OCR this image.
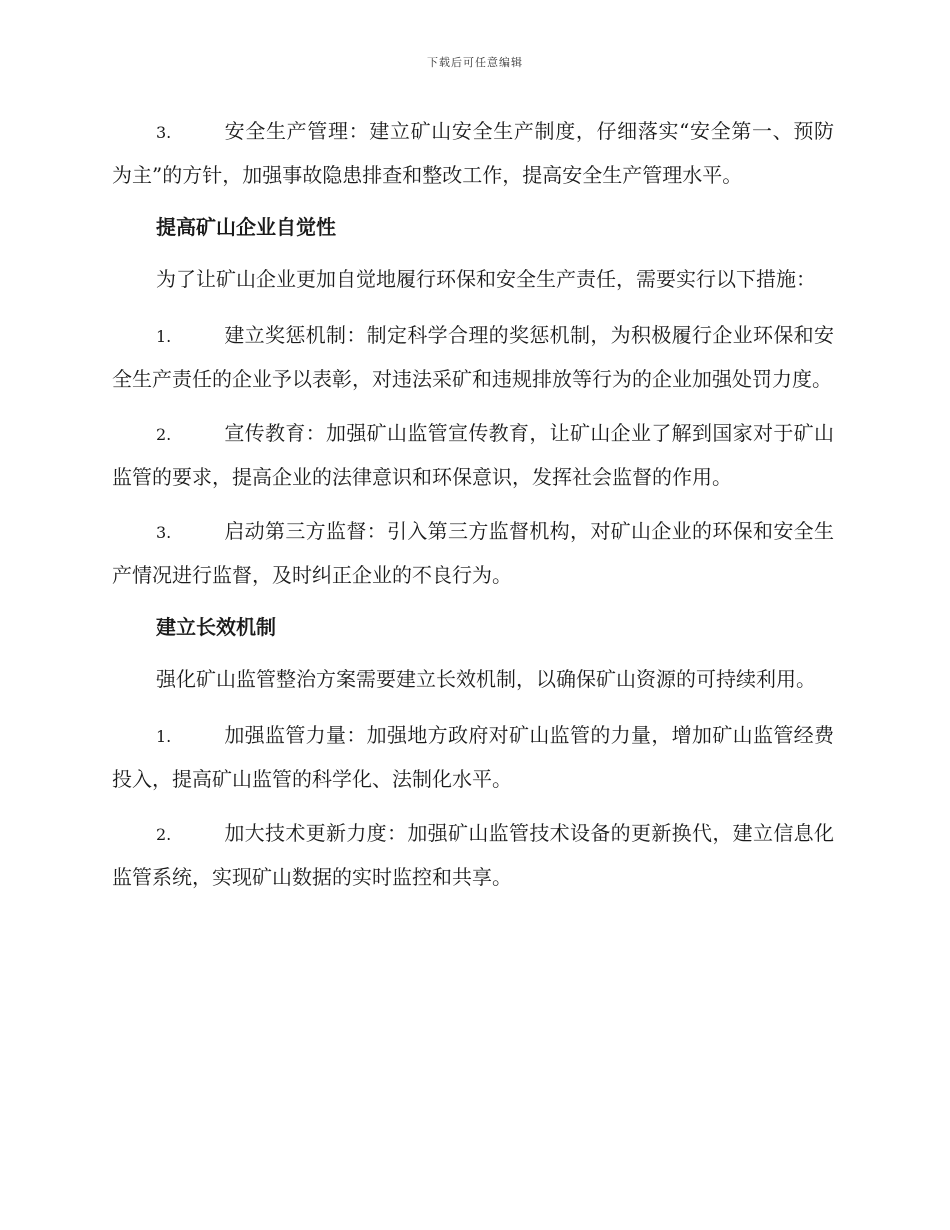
下载后可任意编辑
3.	安全生产管理：建立矿山安全生产制度，仔细落实“安全第一、预防为主”的方针，加强事故隐患排查和整改工作，提高安全生产管理水平。
提高矿山企业自觉性

为了让矿山企业更加自觉地履行环保和安全生产责任，需要实行以下措施：

1.	建立奖惩机制：制定科学合理的奖惩机制，为积极履行企业环保和安全生产责任的企业予以表彰，对违法采矿和违规排放等行为的企业加强处罚力度。
2.	宣传教育：加强矿山监管宣传教育，让矿山企业了解到国家对于矿山监管的要求，提高企业的法律意识和环保意识，发挥社会监督的作用。
3.	启动第三方监督：引入第三方监督机构，对矿山企业的环保和安全生产情况进行监督，及时纠正企业的不良行为。
建立长效机制

强化矿山监管整治方案需要建立长效机制，以确保矿山资源的可持续利用。

1.	加强监管力量：加强地方政府对矿山监管的力量，增加矿山监管经费投入，提高矿山监管的科学化、法制化水平。
2.	加大技术更新力度：加强矿山监管技术设备的更新换代，建立信息化监管系统，实现矿山数据的实时监控和共享。
